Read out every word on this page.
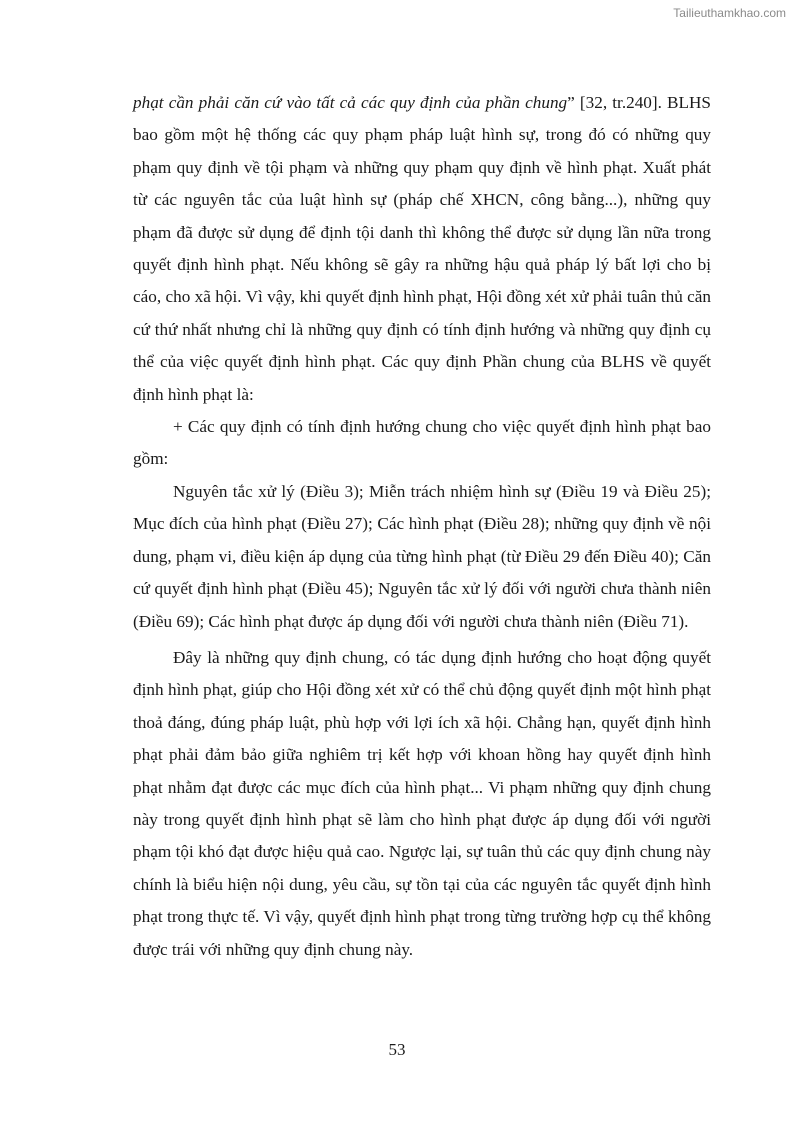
Tailieuthamkhao.com

phạt cần phải căn cứ vào tất cả các quy định của phần chung” [32, tr.240]. BLHS bao gồm một hệ thống các quy phạm pháp luật hình sự, trong đó có những quy phạm quy định về tội phạm và những quy phạm quy định về hình phạt. Xuất phát từ các nguyên tắc của luật hình sự (pháp chế XHCN, công bằng...), những quy phạm đã được sử dụng để định tội danh thì không thể được sử dụng lần nữa trong quyết định hình phạt. Nếu không sẽ gây ra những hậu quả pháp lý bất lợi cho bị cáo, cho xã hội. Vì vậy, khi quyết định hình phạt, Hội đồng xét xử phải tuân thủ căn cứ thứ nhất nhưng chỉ là những quy định có tính định hướng và những quy định cụ thể của việc quyết định hình phạt. Các quy định Phần chung của BLHS về quyết định hình phạt là:

+ Các quy định có tính định hướng chung cho việc quyết định hình phạt bao gồm:

Nguyên tắc xử lý (Điều 3); Miễn trách nhiệm hình sự (Điều 19 và Điều 25); Mục đích của hình phạt (Điều 27); Các hình phạt (Điều 28); những quy định về nội dung, phạm vi, điều kiện áp dụng của từng hình phạt (từ Điều 29 đến Điều 40); Căn cứ quyết định hình phạt (Điều 45); Nguyên tắc xử lý đối với người chưa thành niên (Điều 69); Các hình phạt được áp dụng đối với người chưa thành niên (Điều 71).

Đây là những quy định chung, có tác dụng định hướng cho hoạt động quyết định hình phạt, giúp cho Hội đồng xét xử có thể chủ động quyết định một hình phạt thoả đáng, đúng pháp luật, phù hợp với lợi ích xã hội. Chẳng hạn, quyết định hình phạt phải đảm bảo giữa nghiêm trị kết hợp với khoan hồng hay quyết định hình phạt nhằm đạt được các mục đích của hình phạt... Vi phạm những quy định chung này trong quyết định hình phạt sẽ làm cho hình phạt được áp dụng đối với người phạm tội khó đạt được hiệu quả cao. Ngược lại, sự tuân thủ các quy định chung này chính là biểu hiện nội dung, yêu cầu, sự tồn tại của các nguyên tắc quyết định hình phạt trong thực tế. Vì vậy, quyết định hình phạt trong từng trường hợp cụ thể không được trái với những quy định chung này.

53
